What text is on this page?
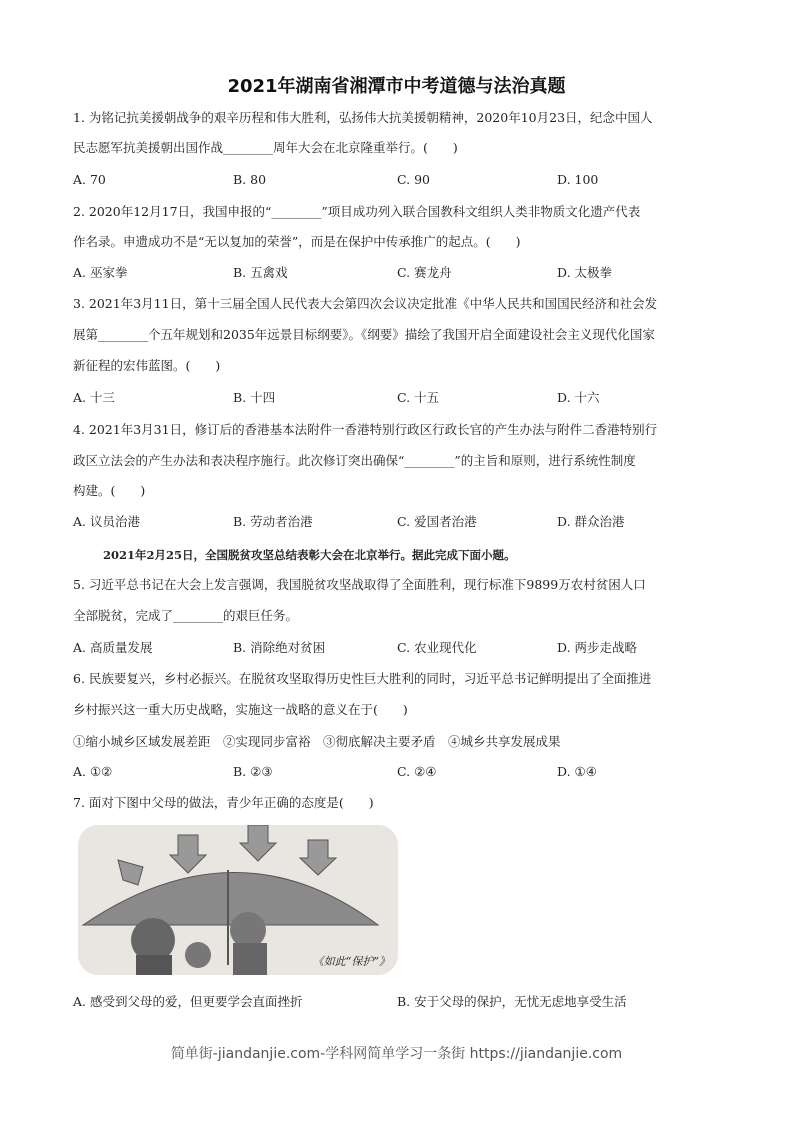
2021年湖南省湘潭市中考道德与法治真题
1. 为铭记抗美援朝战争的艰辛历程和伟大胜利，弘扬伟大抗美援朝精神，2020年10月23日，纪念中国人
民志愿军抗美援朝出国作战________周年大会在北京隆重举行。(　　)
A. 70	B. 80	C. 90	D. 100
2. 2020年12月17日，我国申报的“________”项目成功列入联合国教科文组织人类非物质文化遗产代表
作名录。申遗成功不是“无以复加的荣誉”，而是在保护中传承推广的起点。(　　)
A. 巫家拳	B. 五禽戏	C. 赛龙舟	D. 太极拳
3. 2021年3月11日，第十三届全国人民代表大会第四次会议决定批准《中华人民共和国国民经济和社会发
展第________个五年规划和2035年远景目标纲要》。《纲要》描绘了我国开启全面建设社会主义现代化国家
新征程的宏伟蓝图。(　　)
A. 十三	B. 十四	C. 十五	D. 十六
4. 2021年3月31日，修订后的香港基本法附件一香港特别行政区行政长官的产生办法与附件二香港特别行
政区立法会的产生办法和表决程序施行。此次修订突出确保“________”的主旨和原则，进行系统性制度
构建。(　　)
A. 议员治港	B. 劳动者治港	C. 爱国者治港	D. 群众治港
2021年2月25日，全国脱贫攻坚总结表彰大会在北京举行。据此完成下面小题。
5. 习近平总书记在大会上发言强调，我国脱贫攻坚战取得了全面胜利，现行标准下9899万农村贫困人口
全部脱贫，完成了________的艰巨任务。
A. 高质量发展	B. 消除绝对贫困	C. 农业现代化	D. 两步走战略
6. 民族要复兴，乡村必振兴。在脱贫攻坚取得历史性巨大胜利的同时，习近平总书记鲜明提出了全面推进
乡村振兴这一重大历史战略，实施这一战略的意义在于(　　)
①缩小城乡区域发展差距　②实现同步富裕　③彻底解决主要矛盾　④城乡共享发展成果
A. ①②	B. ②③	C. ②④	D. ①④
7. 面对下图中父母的做法，青少年正确的态度是(　　)
《如此“保护”》
A. 感受到父母的爱，但更要学会直面挫折	B. 安于父母的保护，无忧无虑地享受生活
简单街-jiandanjie.com-学科网简单学习一条街 https://jiandanjie.com
